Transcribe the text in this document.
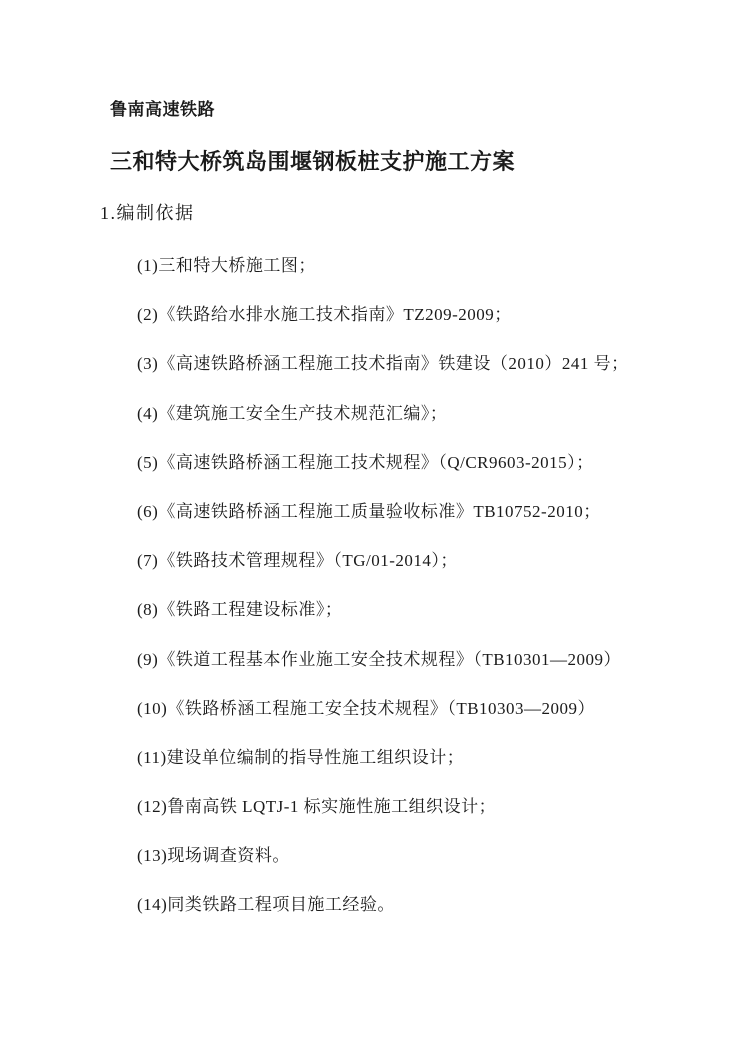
鲁南高速铁路
三和特大桥筑岛围堰钢板桩支护施工方案
1.编制依据
(1)三和特大桥施工图；
(2)《铁路给水排水施工技术指南》TZ209-2009；
(3)《高速铁路桥涵工程施工技术指南》铁建设（2010）241 号；
(4)《建筑施工安全生产技术规范汇编》；
(5)《高速铁路桥涵工程施工技术规程》（Q/CR9603-2015）；
(6)《高速铁路桥涵工程施工质量验收标准》TB10752-2010；
(7)《铁路技术管理规程》（TG/01-2014）；
(8)《铁路工程建设标准》；
(9)《铁道工程基本作业施工安全技术规程》（TB10301—2009）
(10)《铁路桥涵工程施工安全技术规程》（TB10303—2009）
(11)建设单位编制的指导性施工组织设计；
(12)鲁南高铁 LQTJ-1 标实施性施工组织设计；
(13)现场调查资料。
(14)同类铁路工程项目施工经验。
